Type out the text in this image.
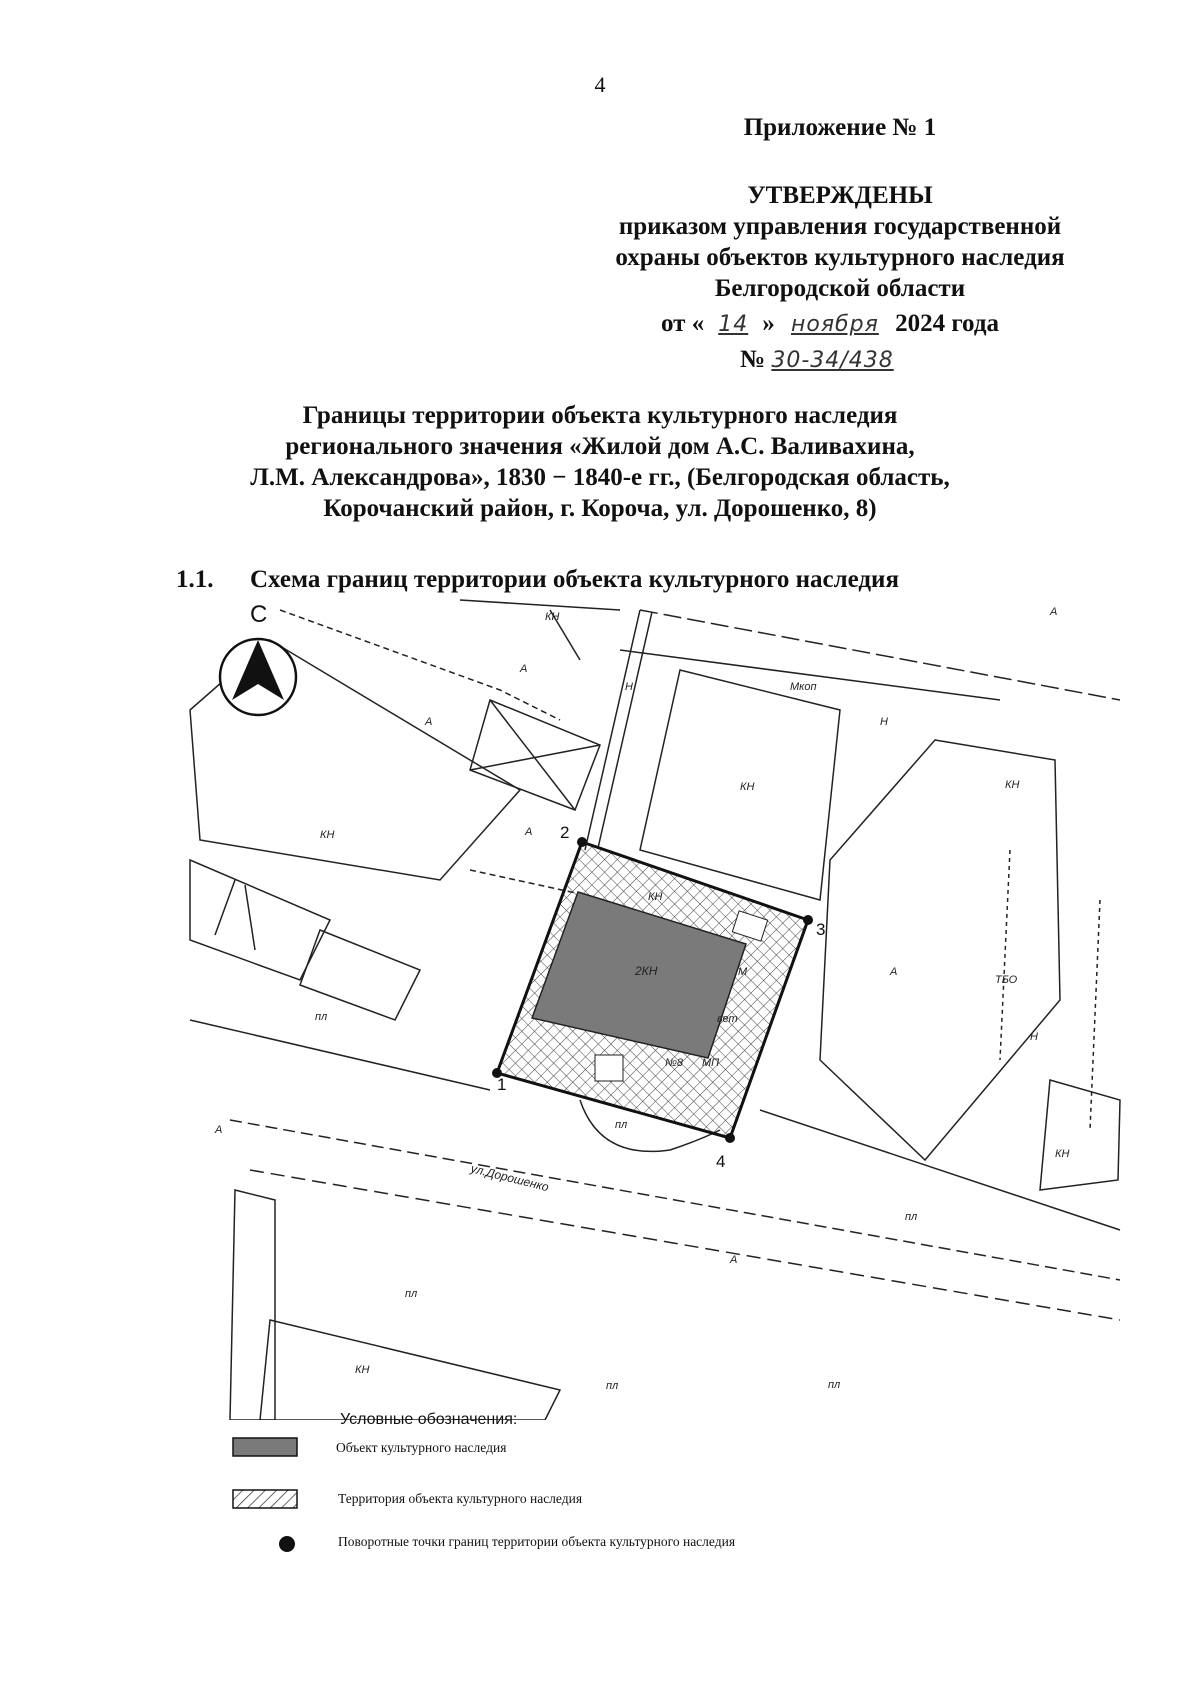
4
Приложение № 1
УТВЕРЖДЕНЫ
приказом управления государственной
охраны объектов культурного наследия
Белгородской области
от « 14 » ноября 2024 года
№ 30-34/438
Границы территории объекта культурного наследия
регионального значения «Жилой дом А.С. Валивахина,
Л.М. Александрова», 1830 − 1840-е гг., (Белгородская область,
Корочанский район, г. Короча, ул. Дорошенко, 8)
1.1. Схема границ территории объекта культурного наследия
1
2
3
4
С
КН
КН
КН	КН
КН
КН
КН
А
А
А
А
А
А
А
пл
пл
пл
пл
пл
пл
Мкоп
ТБО
2КН
вет
М
МП
№8
Н
Н
Н
ул.Дорошенко
Условные обозначения:
Объект культурного наследия
Территория объекта культурного наследия
Поворотные точки границ территории объекта культурного наследия
